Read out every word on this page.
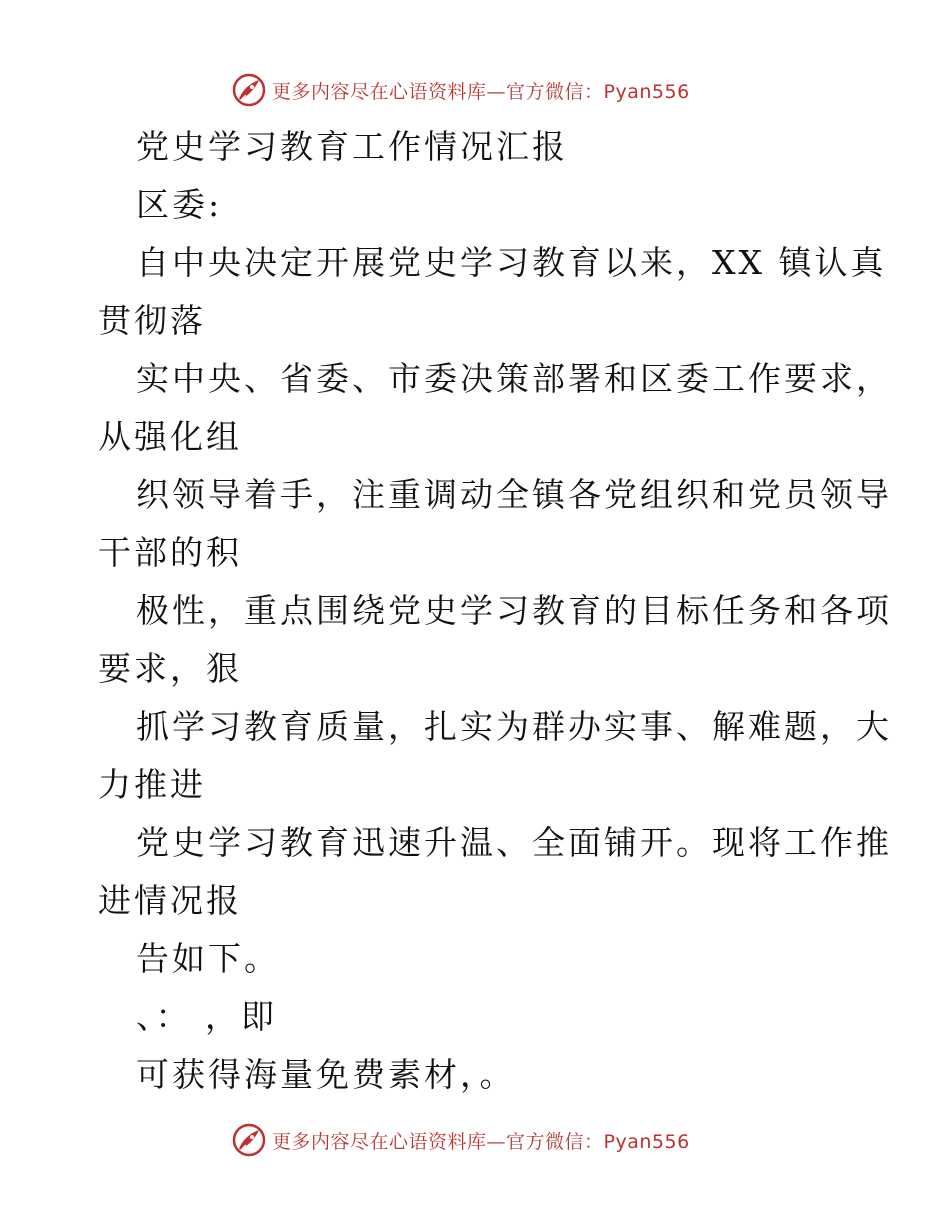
更多内容尽在心语资料库—官方微信：Pyan556
党史学习教育工作情况汇报
区委:
自中央决定开展党史学习教育以来，XX 镇认真
贯彻落
实中央、省委、市委决策部署和区委工作要求，
从强化组
织领导着手，注重调动全镇各党组织和党员领导
干部的积
极性，重点围绕党史学习教育的目标任务和各项
要求，狠
抓学习教育质量，扎实为群办实事、解难题，大
力推进
党史学习教育迅速升温、全面铺开。现将工作推
进情况报
告如下。
、： ，即
可获得海量免费素材，。
更多内容尽在心语资料库—官方微信：Pyan556
